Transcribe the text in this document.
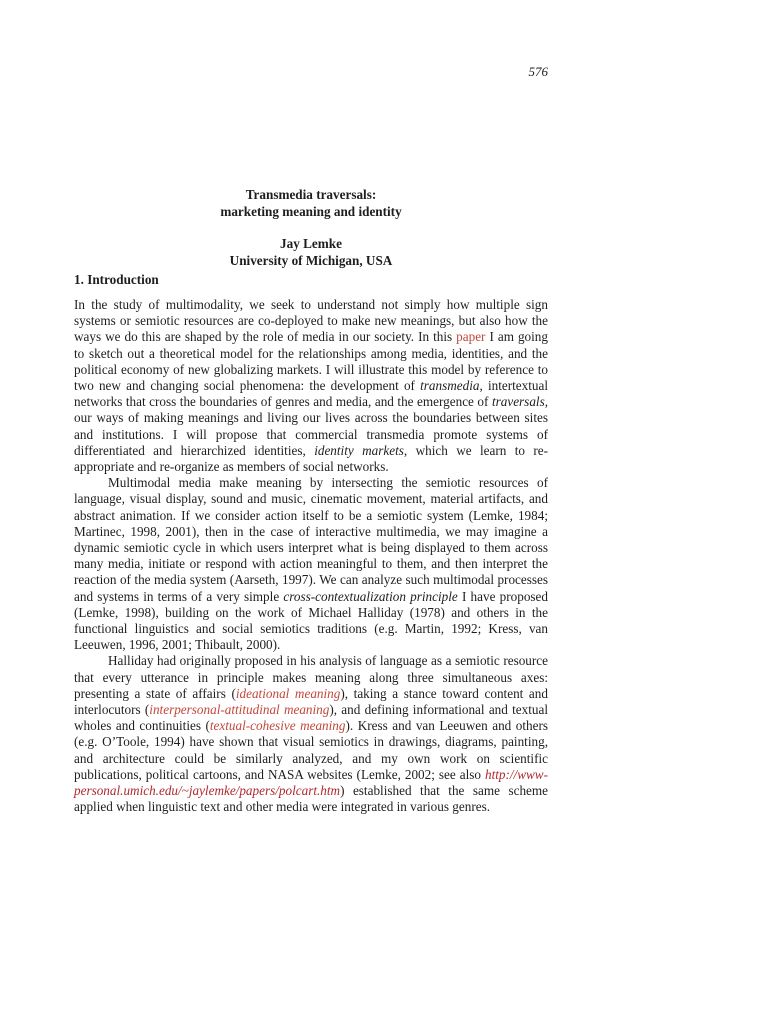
576
Transmedia traversals:
marketing meaning and identity
Jay Lemke
University of Michigan, USA
1. Introduction

In the study of multimodality, we seek to understand not simply how multiple sign systems or semiotic resources are co-deployed to make new meanings, but also how the ways we do this are shaped by the role of media in our society. In this paper I am going to sketch out a theoretical model for the relationships among media, identities, and the political economy of new globalizing markets. I will illustrate this model by reference to two new and changing social phenomena: the development of transmedia, intertextual networks that cross the boundaries of genres and media, and the emergence of traversals, our ways of making meanings and living our lives across the boundaries between sites and institutions. I will propose that commercial transmedia promote systems of differentiated and hierarchized identities, identity markets, which we learn to re-appropriate and re-organize as members of social networks.

Multimodal media make meaning by intersecting the semiotic resources of language, visual display, sound and music, cinematic movement, material artifacts, and abstract animation. If we consider action itself to be a semiotic system (Lemke, 1984; Martinec, 1998, 2001), then in the case of interactive multimedia, we may imagine a dynamic semiotic cycle in which users interpret what is being displayed to them across many media, initiate or respond with action meaningful to them, and then interpret the reaction of the media system (Aarseth, 1997). We can analyze such multimodal processes and systems in terms of a very simple cross-contextualization principle I have proposed (Lemke, 1998), building on the work of Michael Halliday (1978) and others in the functional linguistics and social semiotics traditions (e.g. Martin, 1992; Kress, van Leeuwen, 1996, 2001; Thibault, 2000).

Halliday had originally proposed in his analysis of language as a semiotic resource that every utterance in principle makes meaning along three simultaneous axes: presenting a state of affairs (ideational meaning), taking a stance toward content and interlocutors (interpersonal-attitudinal meaning), and defining informational and textual wholes and continuities (textual-cohesive meaning). Kress and van Leeuwen and others (e.g. O’Toole, 1994) have shown that visual semiotics in drawings, diagrams, painting, and architecture could be similarly analyzed, and my own work on scientific publications, political cartoons, and NASA websites (Lemke, 2002; see also http://www-personal.umich.edu/~jaylemke/papers/polcart.htm) established that the same scheme applied when linguistic text and other media were integrated in various genres.
